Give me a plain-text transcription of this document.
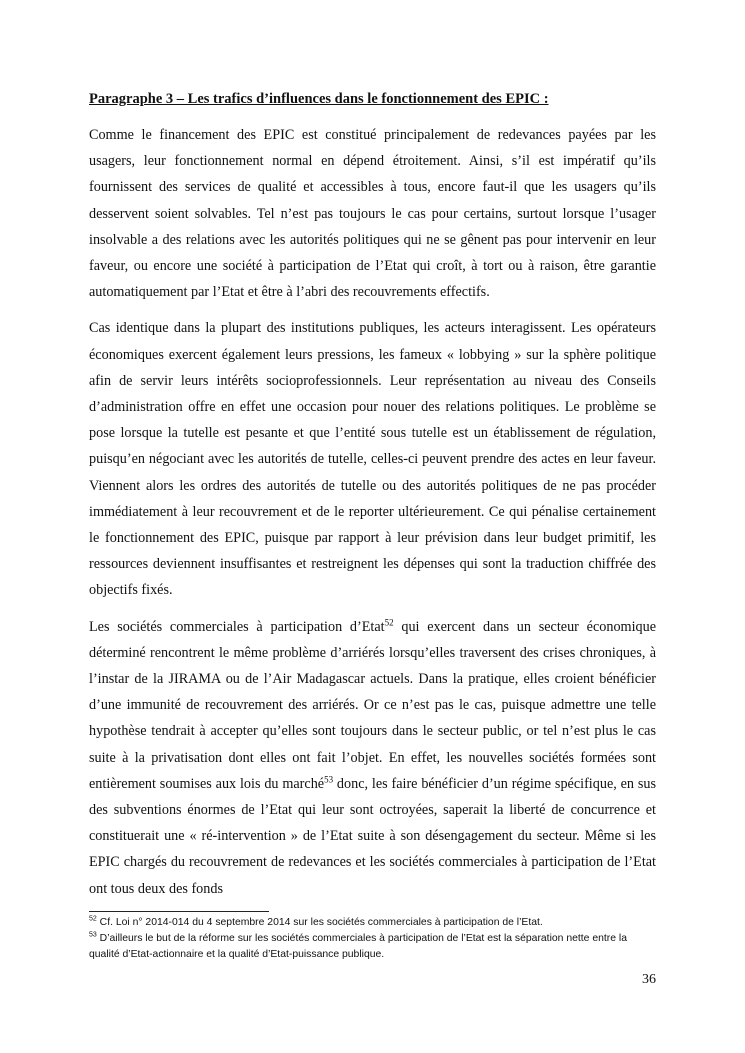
Paragraphe 3 – Les trafics d’influences dans le fonctionnement des EPIC :

Comme le financement des EPIC est constitué principalement de redevances payées par les usagers, leur fonctionnement normal en dépend étroitement. Ainsi, s’il est impératif qu’ils fournissent des services de qualité et accessibles à tous, encore faut-il que les usagers qu’ils desservent soient solvables. Tel n’est pas toujours le cas pour certains, surtout lorsque l’usager insolvable a des relations avec les autorités politiques qui ne se gênent pas pour intervenir en leur faveur, ou encore une société à participation de l’Etat qui croît, à tort ou à raison, être garantie automatiquement par l’Etat et être à l’abri des recouvrements effectifs.

Cas identique dans la plupart des institutions publiques, les acteurs interagissent. Les opérateurs économiques exercent également leurs pressions, les fameux « lobbying » sur la sphère politique afin de servir leurs intérêts socioprofessionnels. Leur représentation au niveau des Conseils d’administration offre en effet une occasion pour nouer des relations politiques. Le problème se pose lorsque la tutelle est pesante et que l’entité sous tutelle est un établissement de régulation, puisqu’en négociant avec les autorités de tutelle, celles-ci peuvent prendre des actes en leur faveur. Viennent alors les ordres des autorités de tutelle ou des autorités politiques de ne pas procéder immédiatement à leur recouvrement et de le reporter ultérieurement. Ce qui pénalise certainement le fonctionnement des EPIC, puisque par rapport à leur prévision dans leur budget primitif, les ressources deviennent insuffisantes et restreignent les dépenses qui sont la traduction chiffrée des objectifs fixés.

Les sociétés commerciales à participation d’Etat$^{52}$ qui exercent dans un secteur économique déterminé rencontrent le même problème d’arriérés lorsqu’elles traversent des crises chroniques, à l’instar de la JIRAMA ou de l’Air Madagascar actuels. Dans la pratique, elles croient bénéficier d’une immunité de recouvrement des arriérés. Or ce n’est pas le cas, puisque admettre une telle hypothèse tendrait à accepter qu’elles sont toujours dans le secteur public, or tel n’est plus le cas suite à la privatisation dont elles ont fait l’objet. En effet, les nouvelles sociétés formées sont entièrement soumises aux lois du marché$^{53}$ donc, les faire bénéficier d’un régime spécifique, en sus des subventions énormes de l’Etat qui leur sont octroyées, saperait la liberté de concurrence et constituerait une « ré-intervention » de l’Etat suite à son désengagement du secteur. Même si les EPIC chargés du recouvrement de redevances et les sociétés commerciales à participation de l’Etat ont tous deux des fonds

$^{52}$ Cf. Loi n° 2014-014 du 4 septembre 2014 sur les sociétés commerciales à participation de l’Etat.

$^{53}$ D’ailleurs le but de la réforme sur les sociétés commerciales à participation de l’Etat est la séparation nette entre la qualité d’Etat-actionnaire et la qualité d’Etat-puissance publique.

36
